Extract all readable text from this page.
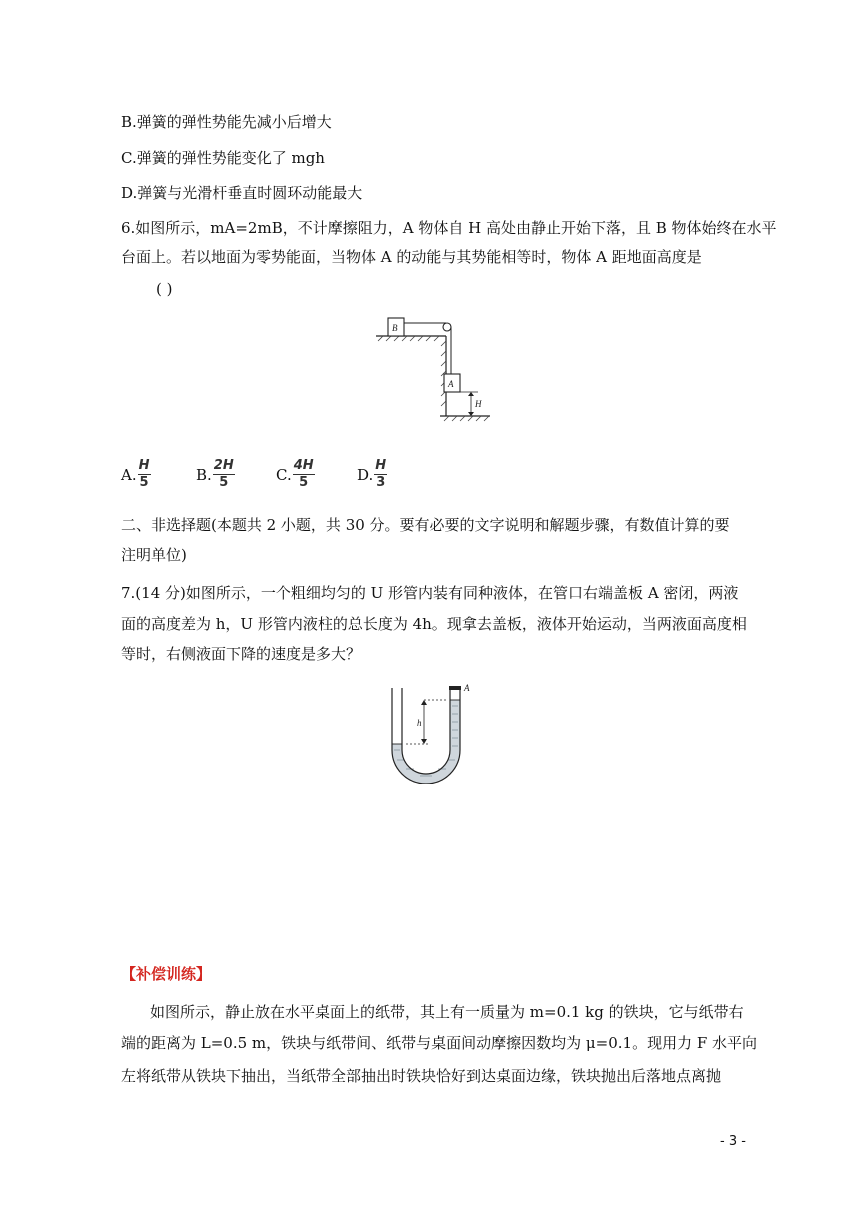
B.弹簧的弹性势能先减小后增大
C.弹簧的弹性势能变化了 mgh
D.弹簧与光滑杆垂直时圆环动能最大
6.如图所示，mA=2mB，不计摩擦阻力，A 物体自 H 高处由静止开始下落，且 B 物体始终在水平
台面上。若以地面为零势能面，当物体 A 的动能与其势能相等时，物体 A 距地面高度是
( )
B
A
H
A. $\frac{H}{5}$	B. $\frac{2H}{5}$	C. $\frac{4H}{5}$	D. $\frac{H}{3}$
二、非选择题(本题共 2 小题，共 30 分。要有必要的文字说明和解题步骤，有数值计算的要
注明单位)
7.(14 分)如图所示，一个粗细均匀的 U 形管内装有同种液体，在管口右端盖板 A 密闭，两液
面的高度差为 h，U 形管内液柱的总长度为 4h。现拿去盖板，液体开始运动，当两液面高度相
等时，右侧液面下降的速度是多大？
h
A
【补偿训练】
如图所示，静止放在水平桌面上的纸带，其上有一质量为 m=0.1 kg 的铁块，它与纸带右
端的距离为 L=0.5 m，铁块与纸带间、纸带与桌面间动摩擦因数均为 μ=0.1。现用力 F 水平向
左将纸带从铁块下抽出，当纸带全部抽出时铁块恰好到达桌面边缘，铁块抛出后落地点离抛
- 3 -
